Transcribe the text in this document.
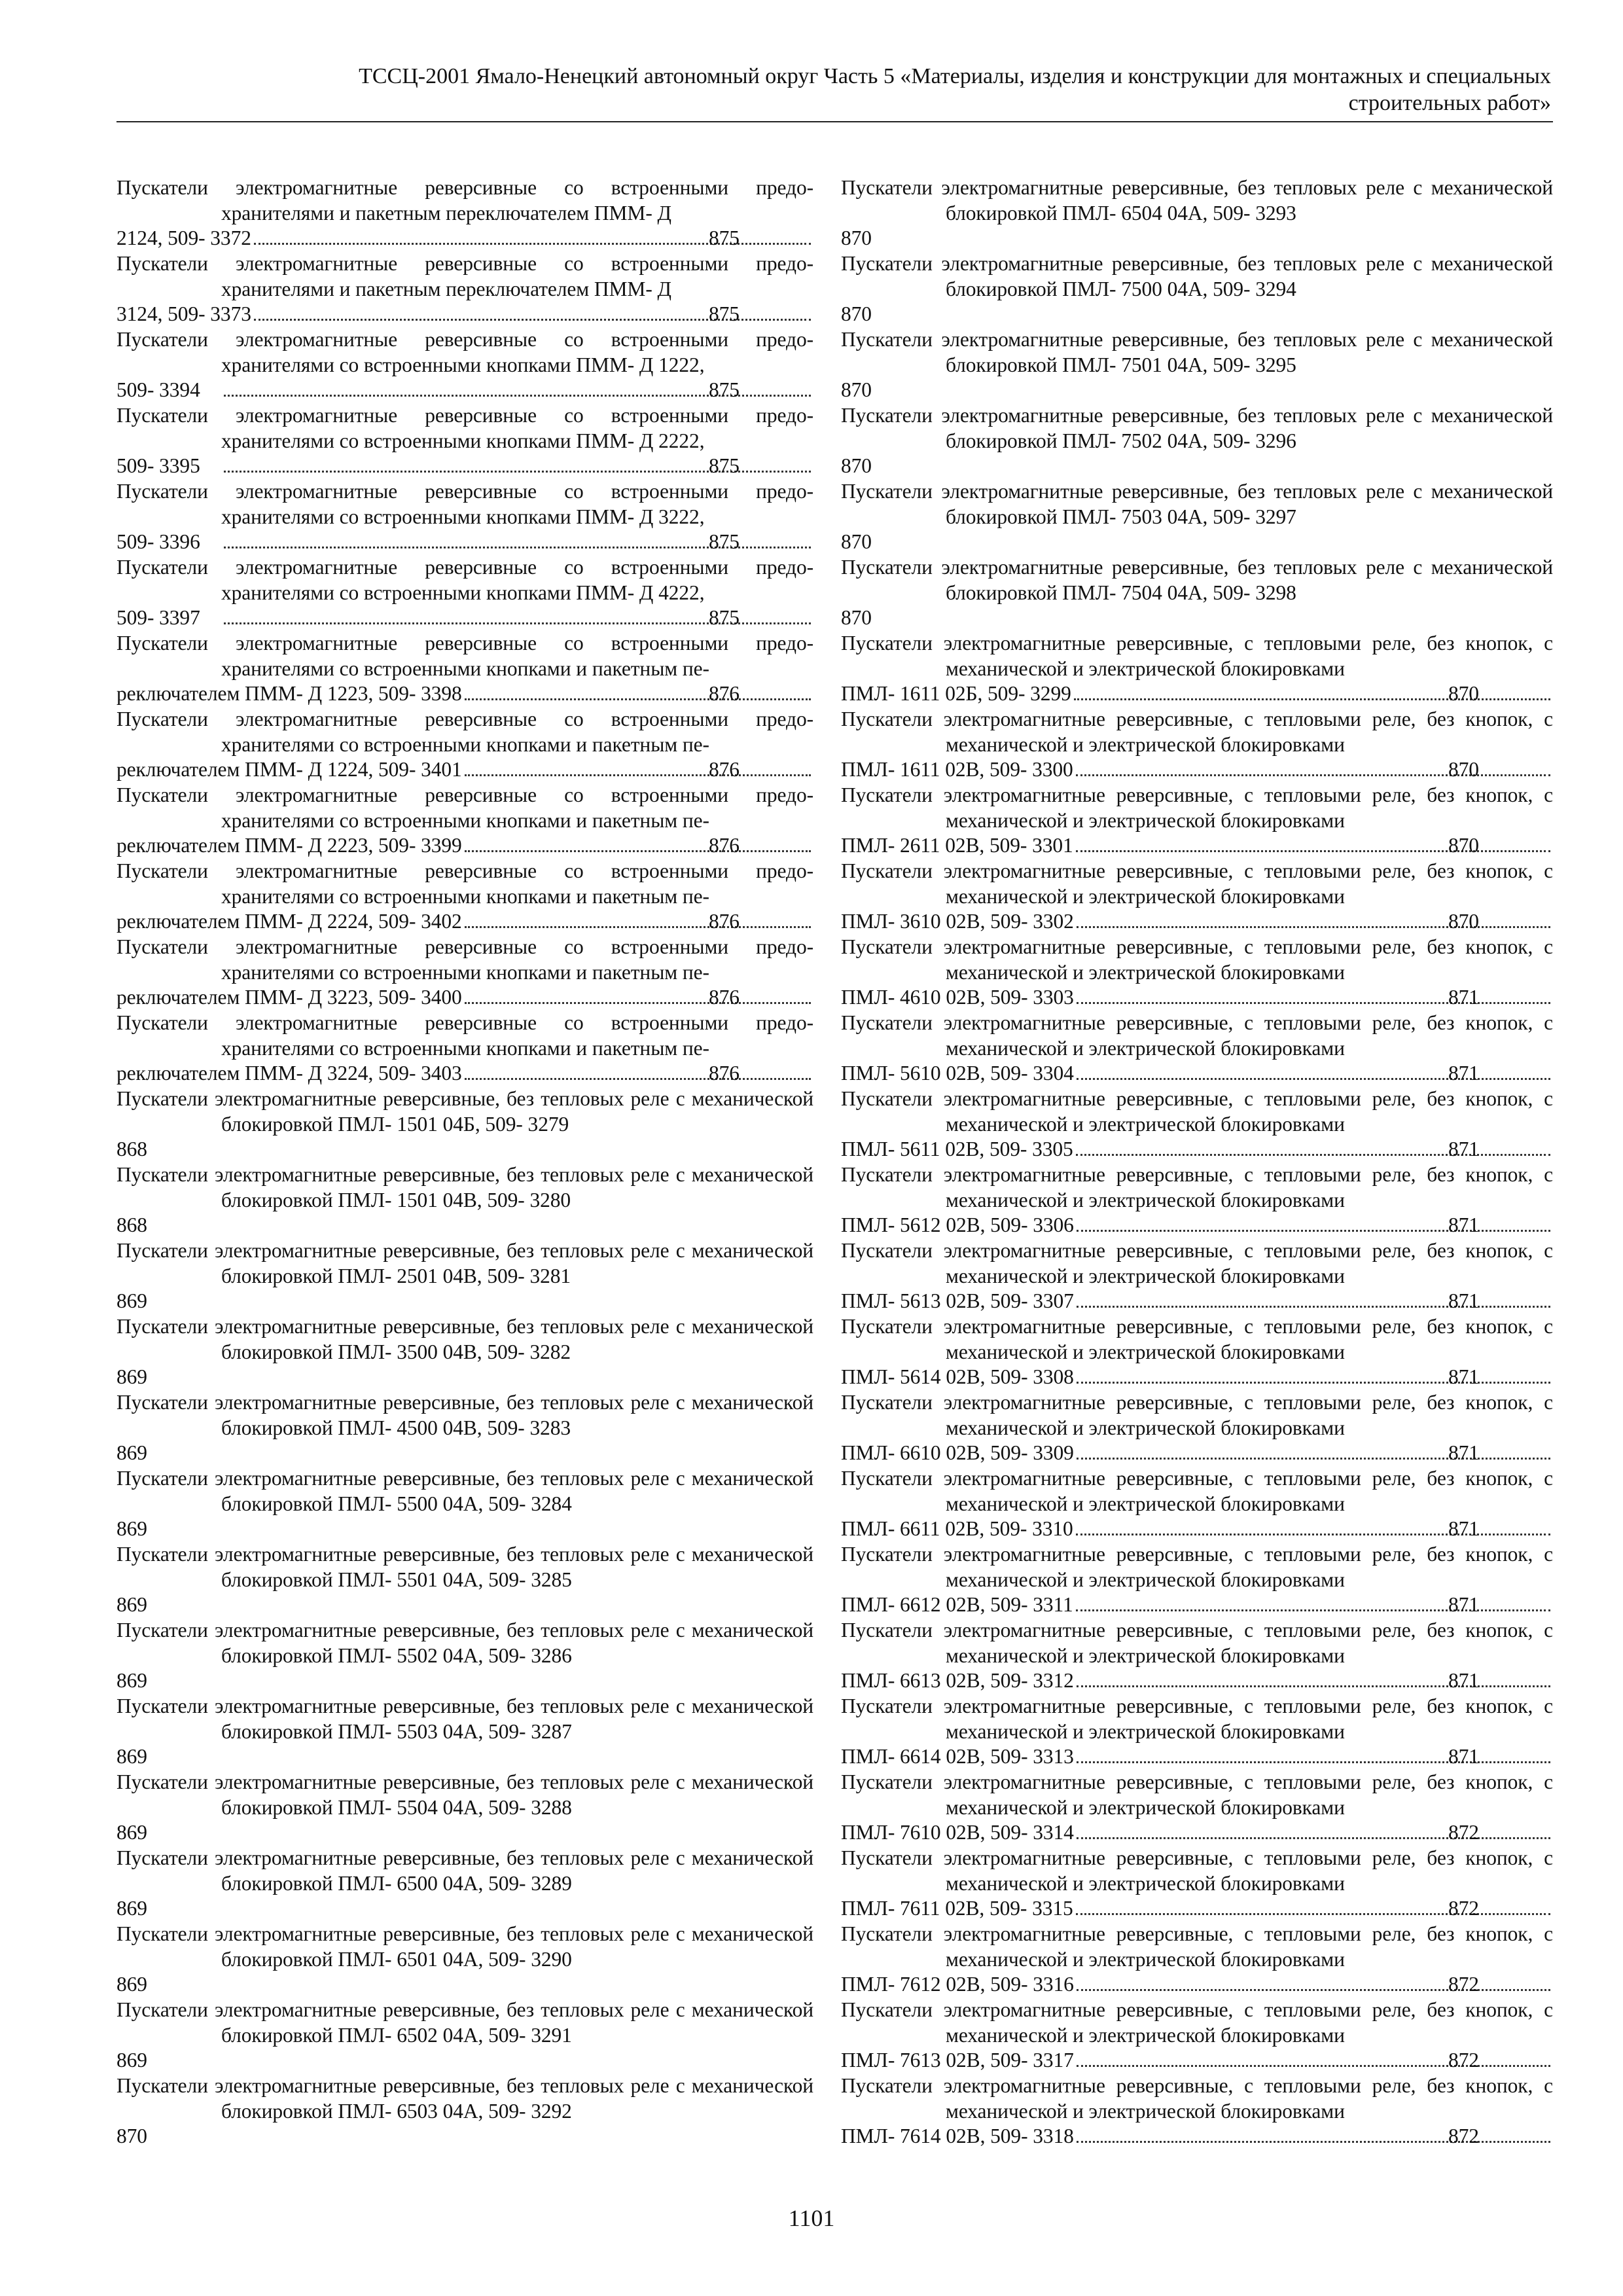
ТССЦ-2001 Ямало-Ненецкий автономный округ Часть 5 «Материалы, изделия и конструкции для монтажных и специальных
строительных работ»
Пускатели электромагнитные реверсивные со встроенными предо-хранителями и пакетным переключателем ПММ- Д
2124, 509- 3372	875
Пускатели электромагнитные реверсивные со встроенными предо-хранителями и пакетным переключателем ПММ- Д
3124, 509- 3373	875
Пускатели электромагнитные реверсивные со встроенными предо-хранителями со встроенными кнопками ПММ- Д 1222,
509- 3394	875
Пускатели электромагнитные реверсивные со встроенными предо-хранителями со встроенными кнопками ПММ- Д 2222,
509- 3395	875
Пускатели электромагнитные реверсивные со встроенными предо-хранителями со встроенными кнопками ПММ- Д 3222,
509- 3396	875
Пускатели электромагнитные реверсивные со встроенными предо-хранителями со встроенными кнопками ПММ- Д 4222,
509- 3397	875
Пускатели электромагнитные реверсивные со встроенными предо-хранителями со встроенными кнопками и пакетным пе-
реключателем ПММ- Д 1223, 509- 3398	876
Пускатели электромагнитные реверсивные со встроенными предо-хранителями со встроенными кнопками и пакетным пе-
реключателем ПММ- Д 1224, 509- 3401	876
Пускатели электромагнитные реверсивные со встроенными предо-хранителями со встроенными кнопками и пакетным пе-
реключателем ПММ- Д 2223, 509- 3399	876
Пускатели электромагнитные реверсивные со встроенными предо-хранителями со встроенными кнопками и пакетным пе-
реключателем ПММ- Д 2224, 509- 3402	876
Пускатели электромагнитные реверсивные со встроенными предо-хранителями со встроенными кнопками и пакетным пе-
реключателем ПММ- Д 3223, 509- 3400	876
Пускатели электромагнитные реверсивные со встроенными предо-хранителями со встроенными кнопками и пакетным пе-
реключателем ПММ- Д 3224, 509- 3403	876
Пускатели электромагнитные реверсивные, без тепловых реле с механической блокировкой ПМЛ- 1501 04Б, 509- 3279
868
Пускатели электромагнитные реверсивные, без тепловых реле с механической блокировкой ПМЛ- 1501 04В, 509- 3280
868
Пускатели электромагнитные реверсивные, без тепловых реле с механической блокировкой ПМЛ- 2501 04В, 509- 3281
869
Пускатели электромагнитные реверсивные, без тепловых реле с механической блокировкой ПМЛ- 3500 04В, 509- 3282
869
Пускатели электромагнитные реверсивные, без тепловых реле с механической блокировкой ПМЛ- 4500 04В, 509- 3283
869
Пускатели электромагнитные реверсивные, без тепловых реле с механической блокировкой ПМЛ- 5500 04А, 509- 3284
869
Пускатели электромагнитные реверсивные, без тепловых реле с механической блокировкой ПМЛ- 5501 04А, 509- 3285
869
Пускатели электромагнитные реверсивные, без тепловых реле с механической блокировкой ПМЛ- 5502 04А, 509- 3286
869
Пускатели электромагнитные реверсивные, без тепловых реле с механической блокировкой ПМЛ- 5503 04А, 509- 3287
869
Пускатели электромагнитные реверсивные, без тепловых реле с механической блокировкой ПМЛ- 5504 04А, 509- 3288
869
Пускатели электромагнитные реверсивные, без тепловых реле с механической блокировкой ПМЛ- 6500 04А, 509- 3289
869
Пускатели электромагнитные реверсивные, без тепловых реле с механической блокировкой ПМЛ- 6501 04А, 509- 3290
869
Пускатели электромагнитные реверсивные, без тепловых реле с механической блокировкой ПМЛ- 6502 04А, 509- 3291
869
Пускатели электромагнитные реверсивные, без тепловых реле с механической блокировкой ПМЛ- 6503 04А, 509- 3292
870
Пускатели электромагнитные реверсивные, без тепловых реле с механической блокировкой ПМЛ- 6504 04А, 509- 3293
870
Пускатели электромагнитные реверсивные, без тепловых реле с механической блокировкой ПМЛ- 7500 04А, 509- 3294
870
Пускатели электромагнитные реверсивные, без тепловых реле с механической блокировкой ПМЛ- 7501 04А, 509- 3295
870
Пускатели электромагнитные реверсивные, без тепловых реле с механической блокировкой ПМЛ- 7502 04А, 509- 3296
870
Пускатели электромагнитные реверсивные, без тепловых реле с механической блокировкой ПМЛ- 7503 04А, 509- 3297
870
Пускатели электромагнитные реверсивные, без тепловых реле с механической блокировкой ПМЛ- 7504 04А, 509- 3298
870
Пускатели электромагнитные реверсивные, с тепловыми реле, без кнопок, с механической и электрической блокировками
ПМЛ- 1611 02Б, 509- 3299	870
Пускатели электромагнитные реверсивные, с тепловыми реле, без кнопок, с механической и электрической блокировками
ПМЛ- 1611 02В, 509- 3300	870
Пускатели электромагнитные реверсивные, с тепловыми реле, без кнопок, с механической и электрической блокировками
ПМЛ- 2611 02В, 509- 3301	870
Пускатели электромагнитные реверсивные, с тепловыми реле, без кнопок, с механической и электрической блокировками
ПМЛ- 3610 02В, 509- 3302	870
Пускатели электромагнитные реверсивные, с тепловыми реле, без кнопок, с механической и электрической блокировками
ПМЛ- 4610 02В, 509- 3303	871
Пускатели электромагнитные реверсивные, с тепловыми реле, без кнопок, с механической и электрической блокировками
ПМЛ- 5610 02В, 509- 3304	871
Пускатели электромагнитные реверсивные, с тепловыми реле, без кнопок, с механической и электрической блокировками
ПМЛ- 5611 02В, 509- 3305	871
Пускатели электромагнитные реверсивные, с тепловыми реле, без кнопок, с механической и электрической блокировками
ПМЛ- 5612 02В, 509- 3306	871
Пускатели электромагнитные реверсивные, с тепловыми реле, без кнопок, с механической и электрической блокировками
ПМЛ- 5613 02В, 509- 3307	871
Пускатели электромагнитные реверсивные, с тепловыми реле, без кнопок, с механической и электрической блокировками
ПМЛ- 5614 02В, 509- 3308	871
Пускатели электромагнитные реверсивные, с тепловыми реле, без кнопок, с механической и электрической блокировками
ПМЛ- 6610 02В, 509- 3309	871
Пускатели электромагнитные реверсивные, с тепловыми реле, без кнопок, с механической и электрической блокировками
ПМЛ- 6611 02В, 509- 3310	871
Пускатели электромагнитные реверсивные, с тепловыми реле, без кнопок, с механической и электрической блокировками
ПМЛ- 6612 02В, 509- 3311	871
Пускатели электромагнитные реверсивные, с тепловыми реле, без кнопок, с механической и электрической блокировками
ПМЛ- 6613 02В, 509- 3312	871
Пускатели электромагнитные реверсивные, с тепловыми реле, без кнопок, с механической и электрической блокировками
ПМЛ- 6614 02В, 509- 3313	871
Пускатели электромагнитные реверсивные, с тепловыми реле, без кнопок, с механической и электрической блокировками
ПМЛ- 7610 02В, 509- 3314	872
Пускатели электромагнитные реверсивные, с тепловыми реле, без кнопок, с механической и электрической блокировками
ПМЛ- 7611 02В, 509- 3315	872
Пускатели электромагнитные реверсивные, с тепловыми реле, без кнопок, с механической и электрической блокировками
ПМЛ- 7612 02В, 509- 3316	872
Пускатели электромагнитные реверсивные, с тепловыми реле, без кнопок, с механической и электрической блокировками
ПМЛ- 7613 02В, 509- 3317	872
Пускатели электромагнитные реверсивные, с тепловыми реле, без кнопок, с механической и электрической блокировками
ПМЛ- 7614 02В, 509- 3318	872
1101
